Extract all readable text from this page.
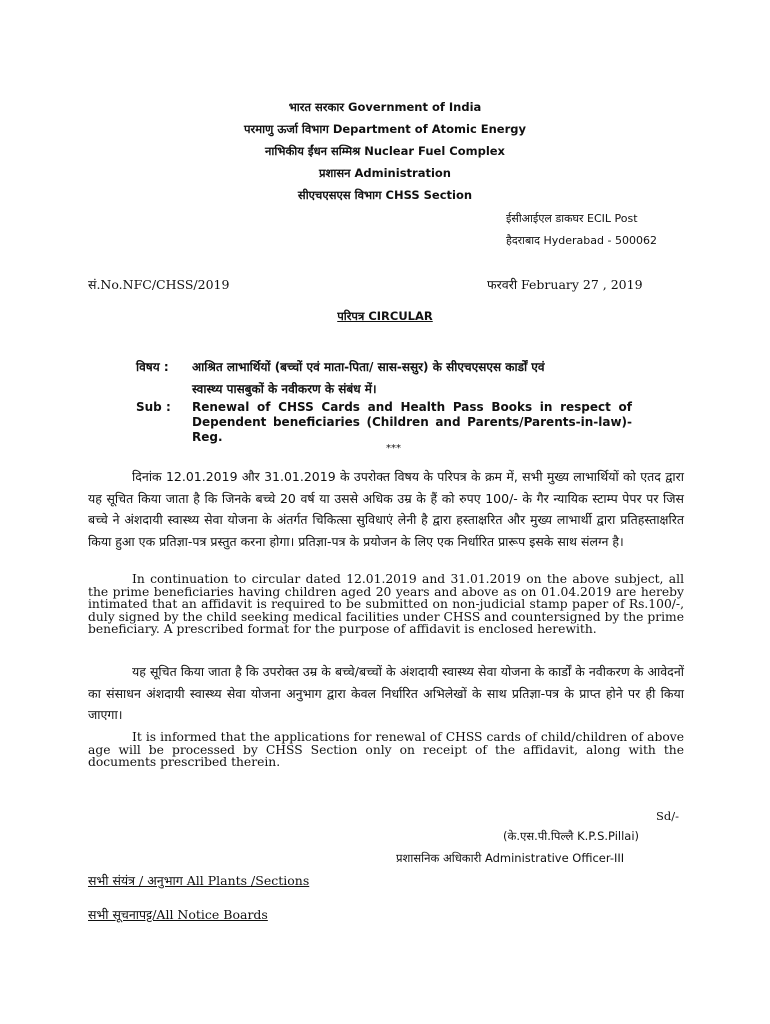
भारत सरकार Government of India
परमाणु ऊर्जा विभाग Department of Atomic Energy
नाभिकीय ईंधन सम्मिश्र Nuclear Fuel Complex
प्रशासन Administration
सीएचएसएस विभाग CHSS Section
ईसीआईएल डाकघर ECIL Post
हैदराबाद Hyderabad - 500062
सं.No.NFC/CHSS/2019	फरवरी February 27 , 2019
परिपत्र CIRCULAR
विषय : आश्रित लाभार्थियों (बच्चों एवं माता-पिता/ सास-ससुर) के सीएचएसएस कार्डों एवं
स्वास्थ्य पासबुकों के नवीकरण के संबंध में।
Sub : Renewal of CHSS Cards and Health Pass Books in respect of Dependent beneficiaries (Children and Parents/Parents-in-law)-Reg.
***
दिनांक 12.01.2019 और 31.01.2019 के उपरोक्त विषय के परिपत्र के क्रम में, सभी मुख्य लाभार्थियों को एतद द्वारा यह सूचित किया जाता है कि जिनके बच्चे 20 वर्ष या उससे अधिक उम्र के हैं को रुपए 100/- के गैर न्यायिक स्टाम्प पेपर पर जिस बच्चे ने अंशदायी स्वास्थ्य सेवा योजना के अंतर्गत चिकित्सा सुविधाएं लेनी है द्वारा हस्ताक्षरित और मुख्य लाभार्थी द्वारा प्रतिहस्ताक्षरित किया हुआ एक प्रतिज्ञा-पत्र प्रस्तुत करना होगा। प्रतिज्ञा-पत्र के प्रयोजन के लिए एक निर्धारित प्रारूप इसके साथ संलग्न है।
In continuation to circular dated 12.01.2019 and 31.01.2019 on the above subject, all the prime beneficiaries having children aged 20 years and above as on 01.04.2019 are hereby intimated that an affidavit is required to be submitted on non-judicial stamp paper of Rs.100/-, duly signed by the child seeking medical facilities under CHSS and countersigned by the prime beneficiary. A prescribed format for the purpose of affidavit is enclosed herewith.
यह सूचित किया जाता है कि उपरोक्त उम्र के बच्चे/बच्चों के अंशदायी स्वास्थ्य सेवा योजना के कार्डों के नवीकरण के आवेदनों का संसाधन अंशदायी स्वास्थ्य सेवा योजना अनुभाग द्वारा केवल निर्धारित अभिलेखों के साथ प्रतिज्ञा-पत्र के प्राप्त होने पर ही किया जाएगा।
It is informed that the applications for renewal of CHSS cards of child/children of above age will be processed by CHSS Section only on receipt of the affidavit, along with the documents prescribed therein.
Sd/-
(के.एस.पी.पिल्लै K.P.S.Pillai)
प्रशासनिक अधिकारी Administrative Officer-III
सभी संयंत्र / अनुभाग All Plants /Sections
सभी सूचनापट्ट/All Notice Boards
